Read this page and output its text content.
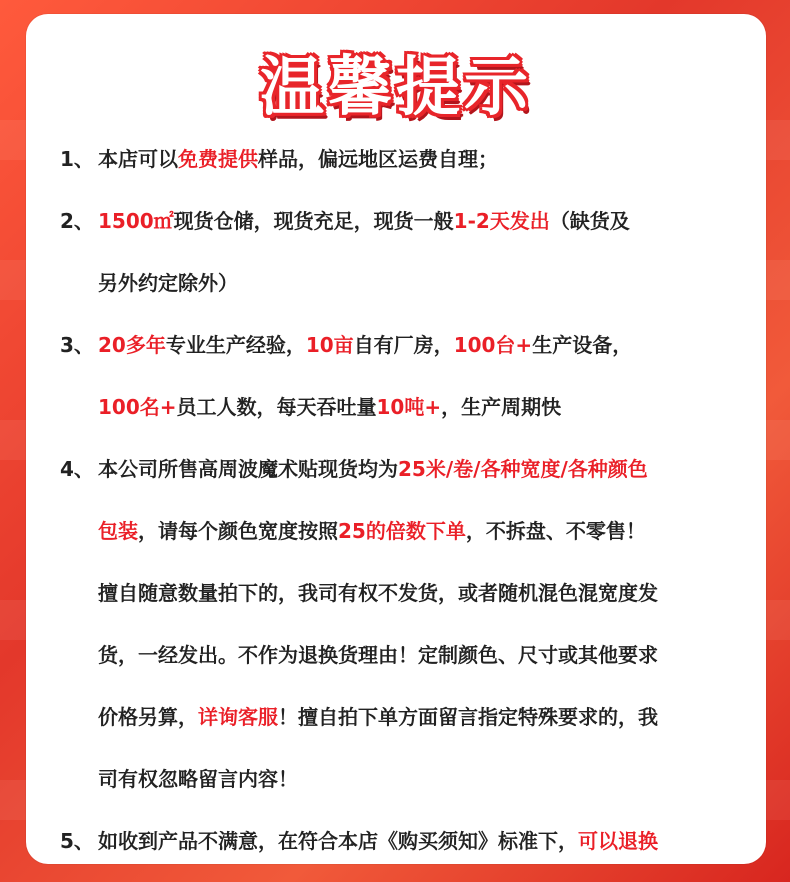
温馨提示
1、 本店可以免费提供样品，偏远地区运费自理；
2、 1500㎡现货仓储，现货充足，现货一般1-2天发出（缺货及
另外约定除外）
3、 20多年专业生产经验，10亩自有厂房，100台+生产设备，
100名+员工人数，每天吞吐量10吨+，生产周期快
4、 本公司所售高周波魔术贴现货均为25米/卷/各种宽度/各种颜色
包装，请每个颜色宽度按照25的倍数下单，不拆盘、不零售！
擅自随意数量拍下的，我司有权不发货，或者随机混色混宽度发
货，一经发出。不作为退换货理由！定制颜色、尺寸或其他要求
价格另算，详询客服！擅自拍下单方面留言指定特殊要求的，我
司有权忽略留言内容！
5、 如收到产品不满意，在符合本店《购买须知》标准下，可以退换
